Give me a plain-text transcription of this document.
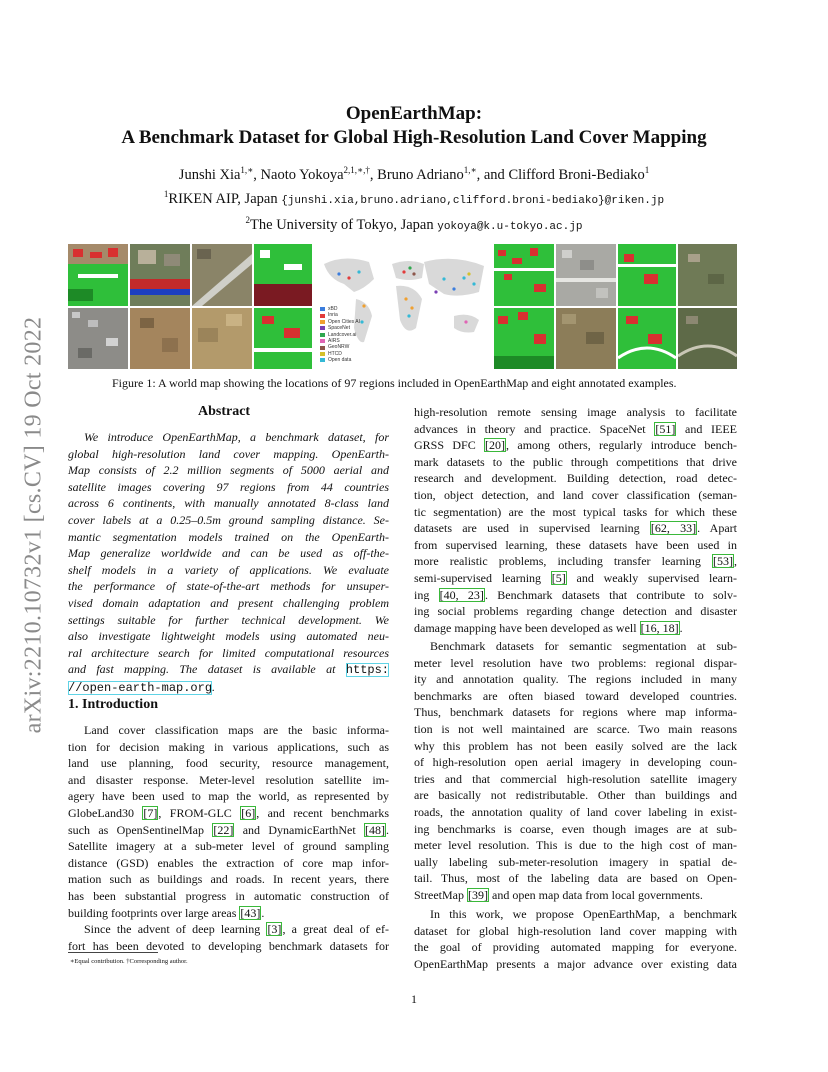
arXiv:2210.10732v1 [cs.CV] 19 Oct 2022
OpenEarthMap:
A Benchmark Dataset for Global High-Resolution Land Cover Mapping
Junshi Xia$^{1,∗}$, Naoto Yokoya$^{2,1,∗,\dagger}$, Bruno Adriano$^{1,∗}$, and Clifford Broni-Bediako$^1$
$^1$RIKEN AIP, Japan {junshi.xia,bruno.adriano,clifford.broni-bediako}@riken.jp
$^2$The University of Tokyo, Japan yokoya@k.u-tokyo.ac.jp
xBD
Inria
Open Cities AI
SpaceNet
Landcover.ai
AIRS
GeoNRW
HTCD
Open data
Figure 1: A world map showing the locations of 97 regions included in OpenEarthMap and eight annotated examples.
Abstract
We introduce OpenEarthMap, a benchmark dataset, for
global high-resolution land cover mapping. OpenEarth-
Map consists of 2.2 million segments of 5000 aerial and
satellite images covering 97 regions from 44 countries
across 6 continents, with manually annotated 8-class land
cover labels at a 0.25–0.5m ground sampling distance. Se-
mantic segmentation models trained on the OpenEarth-
Map generalize worldwide and can be used as off-the-
shelf models in a variety of applications. We evaluate
the performance of state-of-the-art methods for unsuper-
vised domain adaptation and present challenging problem
settings suitable for further technical development. We
also investigate lightweight models using automated neu-
ral architecture search for limited computational resources
and fast mapping. The dataset is available at https:
//open-earth-map.org.
1. Introduction
Land cover classification maps are the basic informa-
tion for decision making in various applications, such as
land use planning, food security, resource management,
and disaster response. Meter-level resolution satellite im-
agery have been used to map the world, as represented by
GlobeLand30 [7], FROM-GLC [6], and recent benchmarks
such as OpenSentinelMap [22] and DynamicEarthNet [48].
Satellite imagery at a sub-meter level of ground sampling
distance (GSD) enables the extraction of core map infor-
mation such as buildings and roads. In recent years, there
has been substantial progress in automatic construction of
building footprints over large areas [43].
Since the advent of deep learning [3], a great deal of ef-
fort has been devoted to developing benchmark datasets for
high-resolution remote sensing image analysis to facilitate
advances in theory and practice. SpaceNet [51] and IEEE
GRSS DFC [20], among others, regularly introduce bench-
mark datasets to the public through competitions that drive
research and development. Building detection, road detec-
tion, object detection, and land cover classification (seman-
tic segmentation) are the most typical tasks for which these
datasets are used in supervised learning [62, 33]. Apart
from supervised learning, these datasets have been used in
more realistic problems, including transfer learning [53],
semi-supervised learning [5] and weakly supervised learn-
ing [40, 23]. Benchmark datasets that contribute to solv-
ing social problems regarding change detection and disaster
damage mapping have been developed as well [16, 18].
Benchmark datasets for semantic segmentation at sub-
meter level resolution have two problems: regional dispar-
ity and annotation quality. The regions included in many
benchmarks are often biased toward developed countries.
Thus, benchmark datasets for regions where map informa-
tion is not well maintained are scarce. Two main reasons
why this problem has not been easily solved are the lack
of high-resolution open aerial imagery in developing coun-
tries and that commercial high-resolution satellite imagery
are basically not redistributable. Other than buildings and
roads, the annotation quality of land cover labeling in exist-
ing benchmarks is coarse, even though images are at sub-
meter level resolution. This is due to the high cost of man-
ually labeling sub-meter-resolution imagery in spatial de-
tail. Thus, most of the labeling data are based on Open-
StreetMap [39] and open map data from local governments.
In this work, we propose OpenEarthMap, a benchmark
dataset for global high-resolution land cover mapping with
the goal of providing automated mapping for everyone.
OpenEarthMap presents a major advance over existing data
∗Equal contribution. †Corresponding author.
1
